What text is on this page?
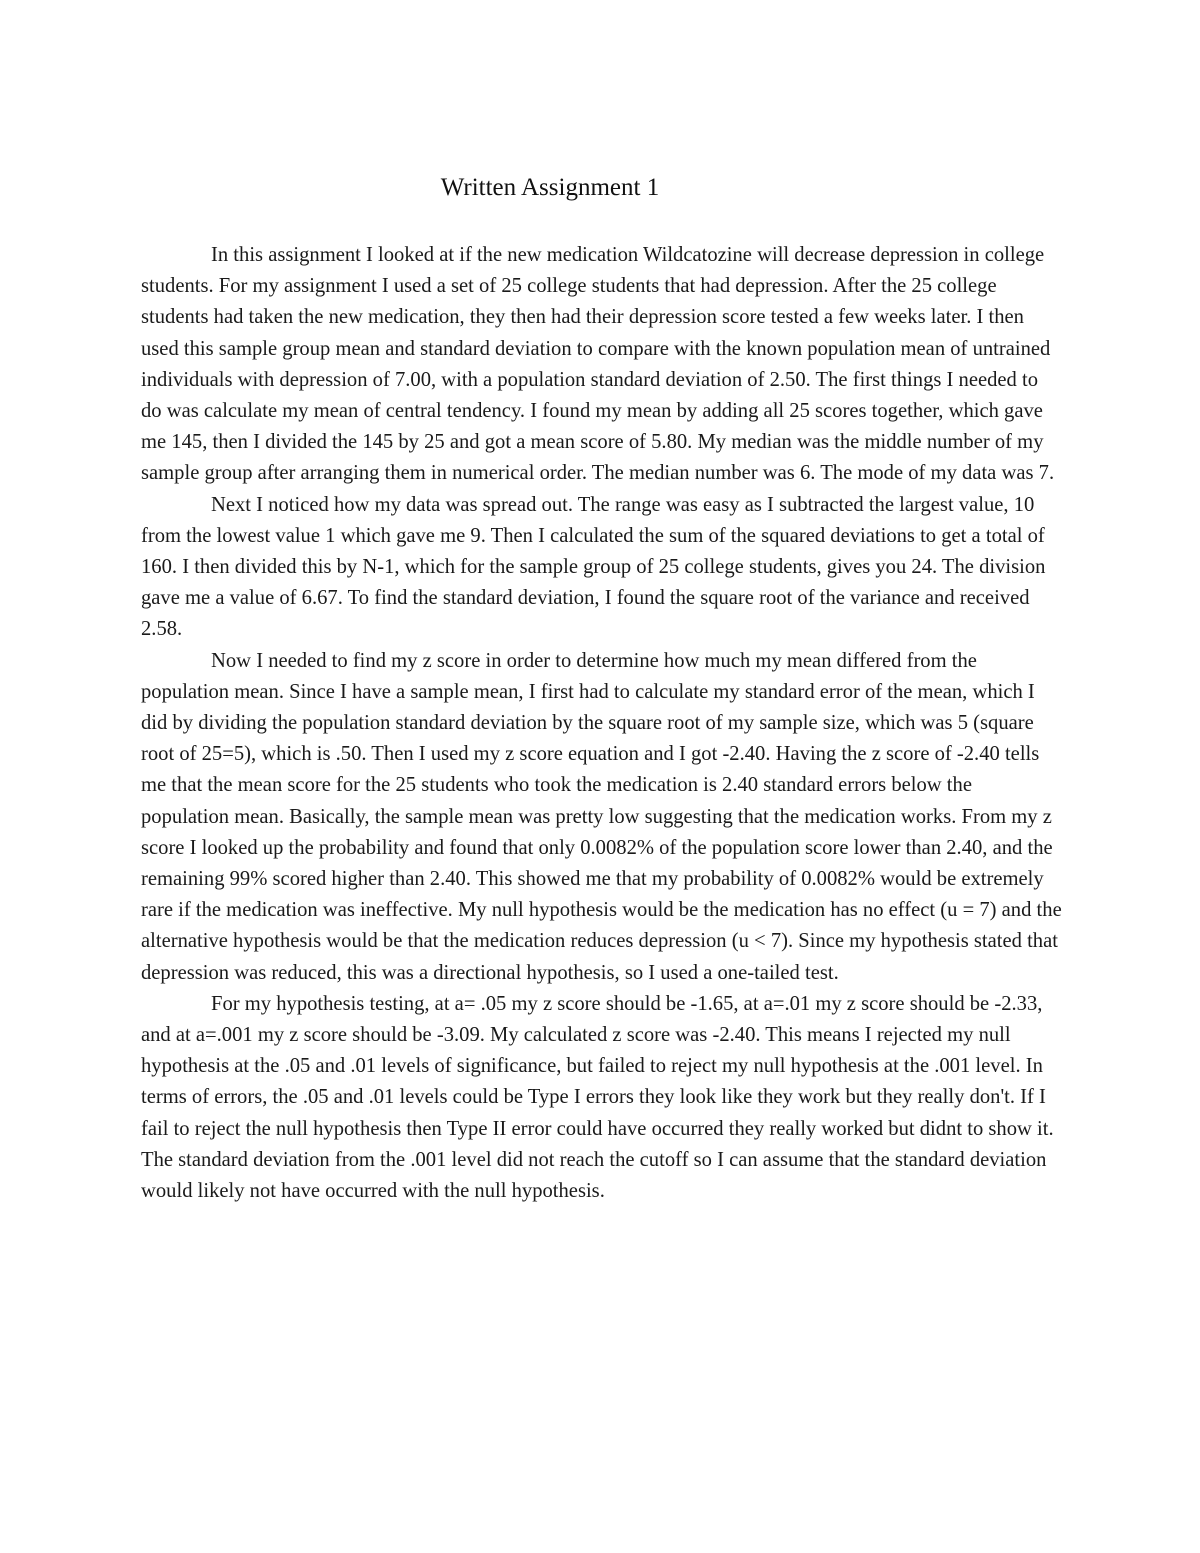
Written Assignment 1

In this assignment I looked at if the new medication Wildcatozine will decrease depression in college students. For my assignment I used a set of 25 college students that had depression. After the 25 college students had taken the new medication, they then had their depression score tested a few weeks later. I then used this sample group mean and standard deviation to compare with the known population mean of untrained individuals with depression of 7.00, with a population standard deviation of 2.50. The first things I needed to do was calculate my mean of central tendency. I found my mean by adding all 25 scores together, which gave me 145, then I divided the 145 by 25 and got a mean score of 5.80. My median was the middle number of my sample group after arranging them in numerical order. The median number was 6. The mode of my data was 7.

Next I noticed how my data was spread out. The range was easy as I subtracted the largest value, 10 from the lowest value 1 which gave me 9. Then I calculated the sum of the squared deviations to get a total of 160. I then divided this by N-1, which for the sample group of 25 college students, gives you 24. The division gave me a value of 6.67. To find the standard deviation, I found the square root of the variance and received 2.58.

Now I needed to find my z score in order to determine how much my mean differed from the population mean. Since I have a sample mean, I first had to calculate my standard error of the mean, which I did by dividing the population standard deviation by the square root of my sample size, which was 5 (square root of 25=5), which is .50. Then I used my z score equation and I got -2.40. Having the z score of -2.40 tells me that the mean score for the 25 students who took the medication is 2.40 standard errors below the population mean. Basically, the sample mean was pretty low suggesting that the medication works. From my z score I looked up the probability and found that only 0.0082% of the population score lower than 2.40, and the remaining 99% scored higher than 2.40. This showed me that my probability of 0.0082% would be extremely rare if the medication was ineffective. My null hypothesis would be the medication has no effect (u = 7) and the alternative hypothesis would be that the medication reduces depression (u < 7). Since my hypothesis stated that depression was reduced, this was a directional hypothesis, so I used a one-tailed test.

For my hypothesis testing, at a= .05 my z score should be -1.65, at a=.01 my z score should be -2.33, and at a=.001 my z score should be -3.09. My calculated z score was -2.40. This means I rejected my null hypothesis at the .05 and .01 levels of significance, but failed to reject my null hypothesis at the .001 level. In terms of errors, the .05 and .01 levels could be Type I errors they look like they work but they really don't. If I fail to reject the null hypothesis then Type II error could have occurred they really worked but didnt to show it. The standard deviation from the .001 level did not reach the cutoff so I can assume that the standard deviation would likely not have occurred with the null hypothesis.
